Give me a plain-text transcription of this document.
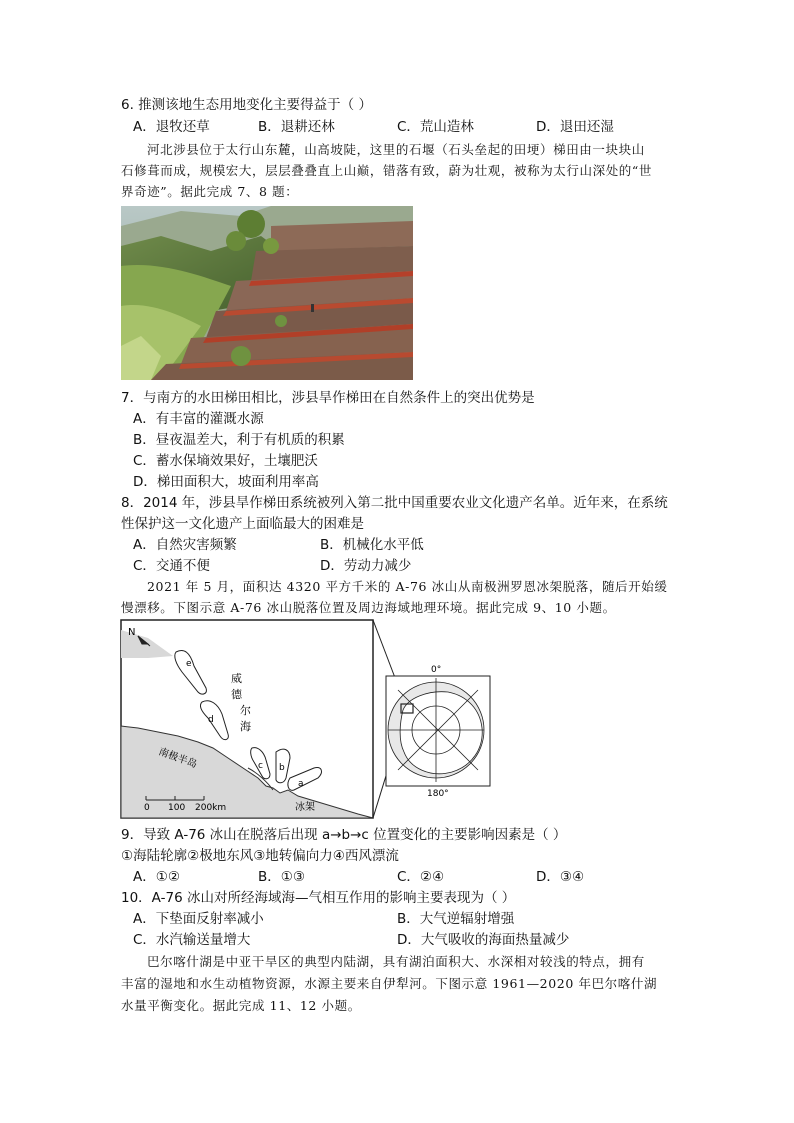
6. 推测该地生态用地变化主要得益于（ ）
A．退牧还草	B．退耕还林	C．荒山造林	D．退田还湿
河北涉县位于太行山东麓，山高坡陡，这里的石堰（石头垒起的田埂）梯田由一块块山
石修葺而成，规模宏大，层层叠叠直上山巅，错落有致，蔚为壮观，被称为太行山深处的“世
界奇迹”。据此完成 7、8 题：
7．与南方的水田梯田相比，涉县旱作梯田在自然条件上的突出优势是
A．有丰富的灌溉水源
B．昼夜温差大，利于有机质的积累
C．蓄水保墒效果好，土壤肥沃
D．梯田面积大，坡面利用率高
8．2014 年，涉县旱作梯田系统被列入第二批中国重要农业文化遗产名单。近年来，在系统
性保护这一文化遗产上面临最大的困难是
A．自然灾害频繁	B．机械化水平低
C．交通不便	D．劳动力减少
2021 年 5 月，面积达 4320 平方千米的 A-76 冰山从南极洲罗恩冰架脱落，随后开始缓
慢漂移。下图示意 A-76 冰山脱落位置及周边海域地理环境。据此完成 9、10 小题。
N
e
d
c b
a
威
德
尔
海
南极半岛
冰架
0 100 200km
0°
180°
9．导致 A-76 冰山在脱落后出现 a→b→c 位置变化的主要影响因素是（ ）
①海陆轮廓②极地东风③地转偏向力④西风漂流
A．①②	B．①③	C．②④	D．③④
10．A-76 冰山对所经海域海—气相互作用的影响主要表现为（ ）
A．下垫面反射率减小	B．大气逆辐射增强
C．水汽输送量增大	D．大气吸收的海面热量减少
巴尔喀什湖是中亚干旱区的典型内陆湖，具有湖泊面积大、水深相对较浅的特点，拥有
丰富的湿地和水生动植物资源，水源主要来自伊犁河。下图示意 1961—2020 年巴尔喀什湖
水量平衡变化。据此完成 11、12 小题。
